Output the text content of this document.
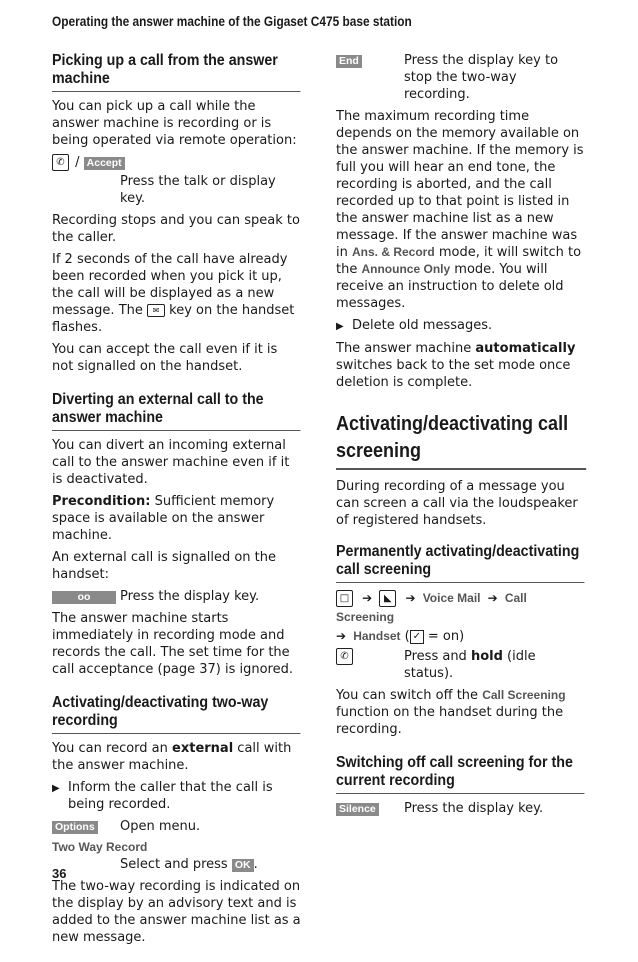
Operating the answer machine of the Gigaset C475 base station
Picking up a call from the answer machine

You can pick up a call while the answer machine is recording or is being operated via remote operation:

✆ / Accept
Press the talk or display key.

Recording stops and you can speak to the caller.

If 2 seconds of the call have already been recorded when you pick it up, the call will be displayed as a new message. The ✉ key on the handset flashes.

You can accept the call even if it is not signalled on the handset.

Diverting an external call to the answer machine

You can divert an incoming external call to the answer machine even if it is deactivated.

Precondition: Sufficient memory space is available on the answer machine.

An external call is signalled on the handset:

οο	Press the display key.

The answer machine starts immediately in recording mode and records the call. The set time for the call acceptance (page 37) is ignored.

Activating/deactivating two-way recording

You can record an external call with the answer machine.

▶ Inform the caller that the call is being recorded.
Options	Open menu.
Two Way Record
Select and press OK .

The two-way recording is indicated on the display by an advisory text and is added to the answer machine list as a new message.

End	Press the display key to stop the two-way recording.

The maximum recording time depends on the memory available on the answer machine. If the memory is full you will hear an end tone, the recording is aborted, and the call recorded up to that point is listed in the answer machine list as a new message. If the answer machine was in Ans. & Record mode, it will switch to the Announce Only mode. You will receive an instruction to delete old messages.

▶ Delete old messages.

The answer machine automatically switches back to the set mode once deletion is complete.

Activating/deactivating call screening

During recording of a message you can screen a call via the loudspeaker of registered handsets.

Permanently activating/deactivating call screening
□ ➔ ◣ ➔ Voice Mail ➔ Call Screening
➔ Handset ( ✓ = on)
✆	Press and hold (idle status).

You can switch off the Call Screening function on the handset during the recording.

Switching off call screening for the current recording
Silence	Press the display key.
36
